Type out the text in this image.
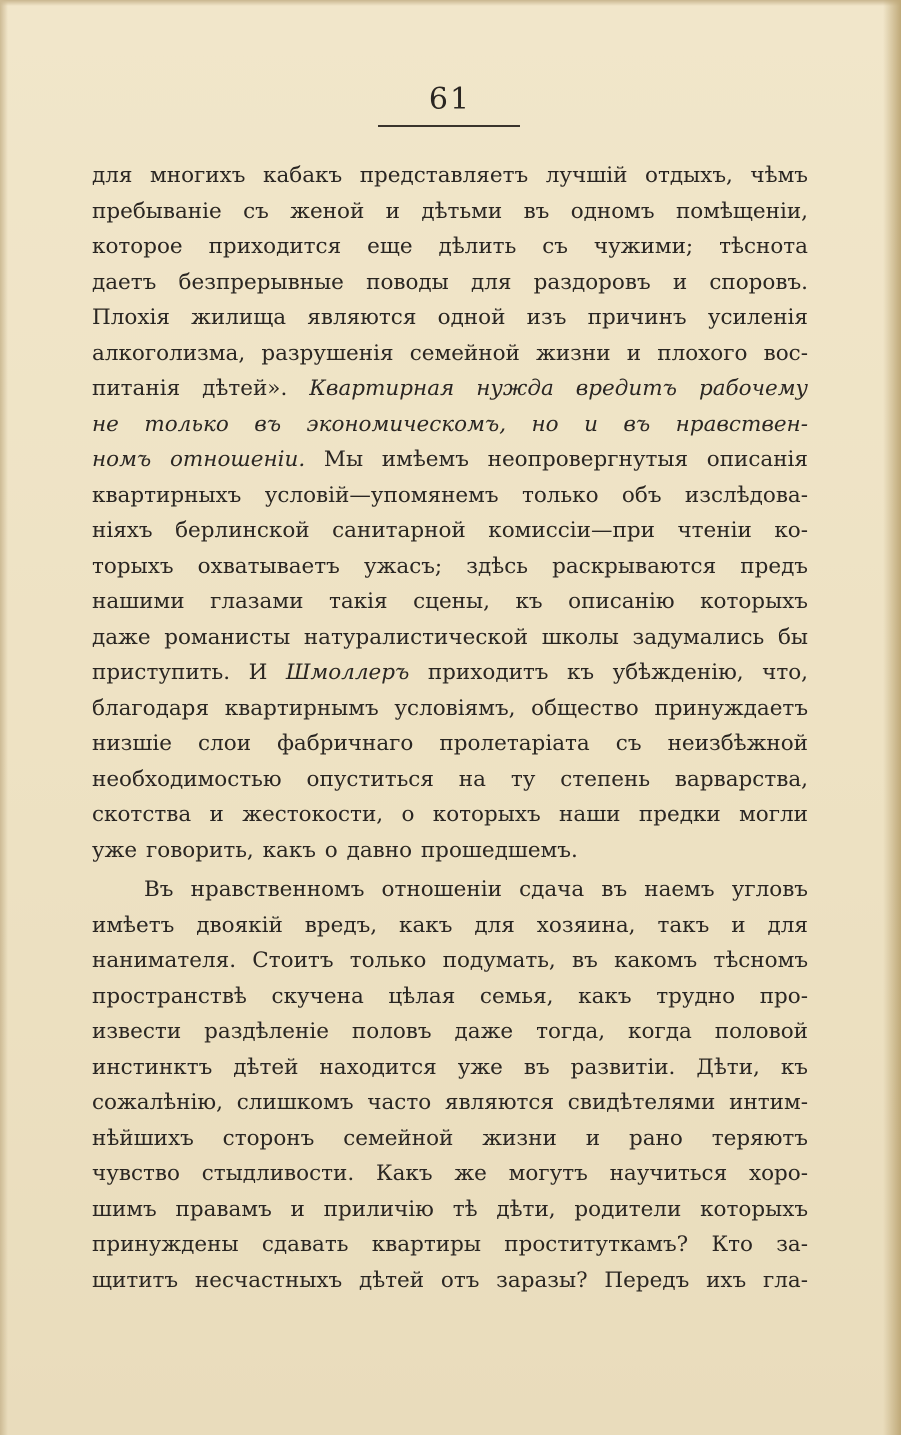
61
для многихъ кабакъ представляетъ лучшій отдыхъ, чѣмъ
пребываніе съ женой и дѣтьми въ одномъ помѣщеніи,
которое приходится еще дѣлить съ чужими; тѣснота
даетъ безпрерывные поводы для раздоровъ и споровъ.
Плохія жилища являются одной изъ причинъ усиленія
алкоголизма, разрушенія семейной жизни и плохого вос-
питанія дѣтей». Квартирная нужда вредитъ рабочему
не только въ экономическомъ, но и въ нравствен-
номъ отношеніи. Мы имѣемъ неопровергнутыя описанія
квартирныхъ условій—упомянемъ только объ изслѣдова-
ніяхъ берлинской санитарной комиссіи—при чтеніи ко-
торыхъ охватываетъ ужасъ; здѣсь раскрываются предъ
нашими глазами такія сцены, къ описанію которыхъ
даже романисты натуралистической школы задумались бы
приступить. И Шмоллеръ приходитъ къ убѣжденію, что,
благодаря квартирнымъ условіямъ, общество принуждаетъ
низшіе слои фабричнаго пролетаріата съ неизбѣжной
необходимостью опуститься на ту степень варварства,
скотства и жестокости, о которыхъ наши предки могли
уже говорить, какъ о давно прошедшемъ.
Въ нравственномъ отношеніи сдача въ наемъ угловъ
имѣетъ двоякій вредъ, какъ для хозяина, такъ и для
нанимателя. Стоитъ только подумать, въ какомъ тѣсномъ
пространствѣ скучена цѣлая семья, какъ трудно про-
извести раздѣленіе половъ даже тогда, когда половой
инстинктъ дѣтей находится уже въ развитіи. Дѣти, къ
сожалѣнію, слишкомъ часто являются свидѣтелями интим-
нѣйшихъ сторонъ семейной жизни и рано теряютъ
чувство стыдливости. Какъ же могутъ научиться хоро-
шимъ правамъ и приличію тѣ дѣти, родители которыхъ
принуждены сдавать квартиры проституткамъ? Кто за-
щититъ несчастныхъ дѣтей отъ заразы? Передъ ихъ гла-
